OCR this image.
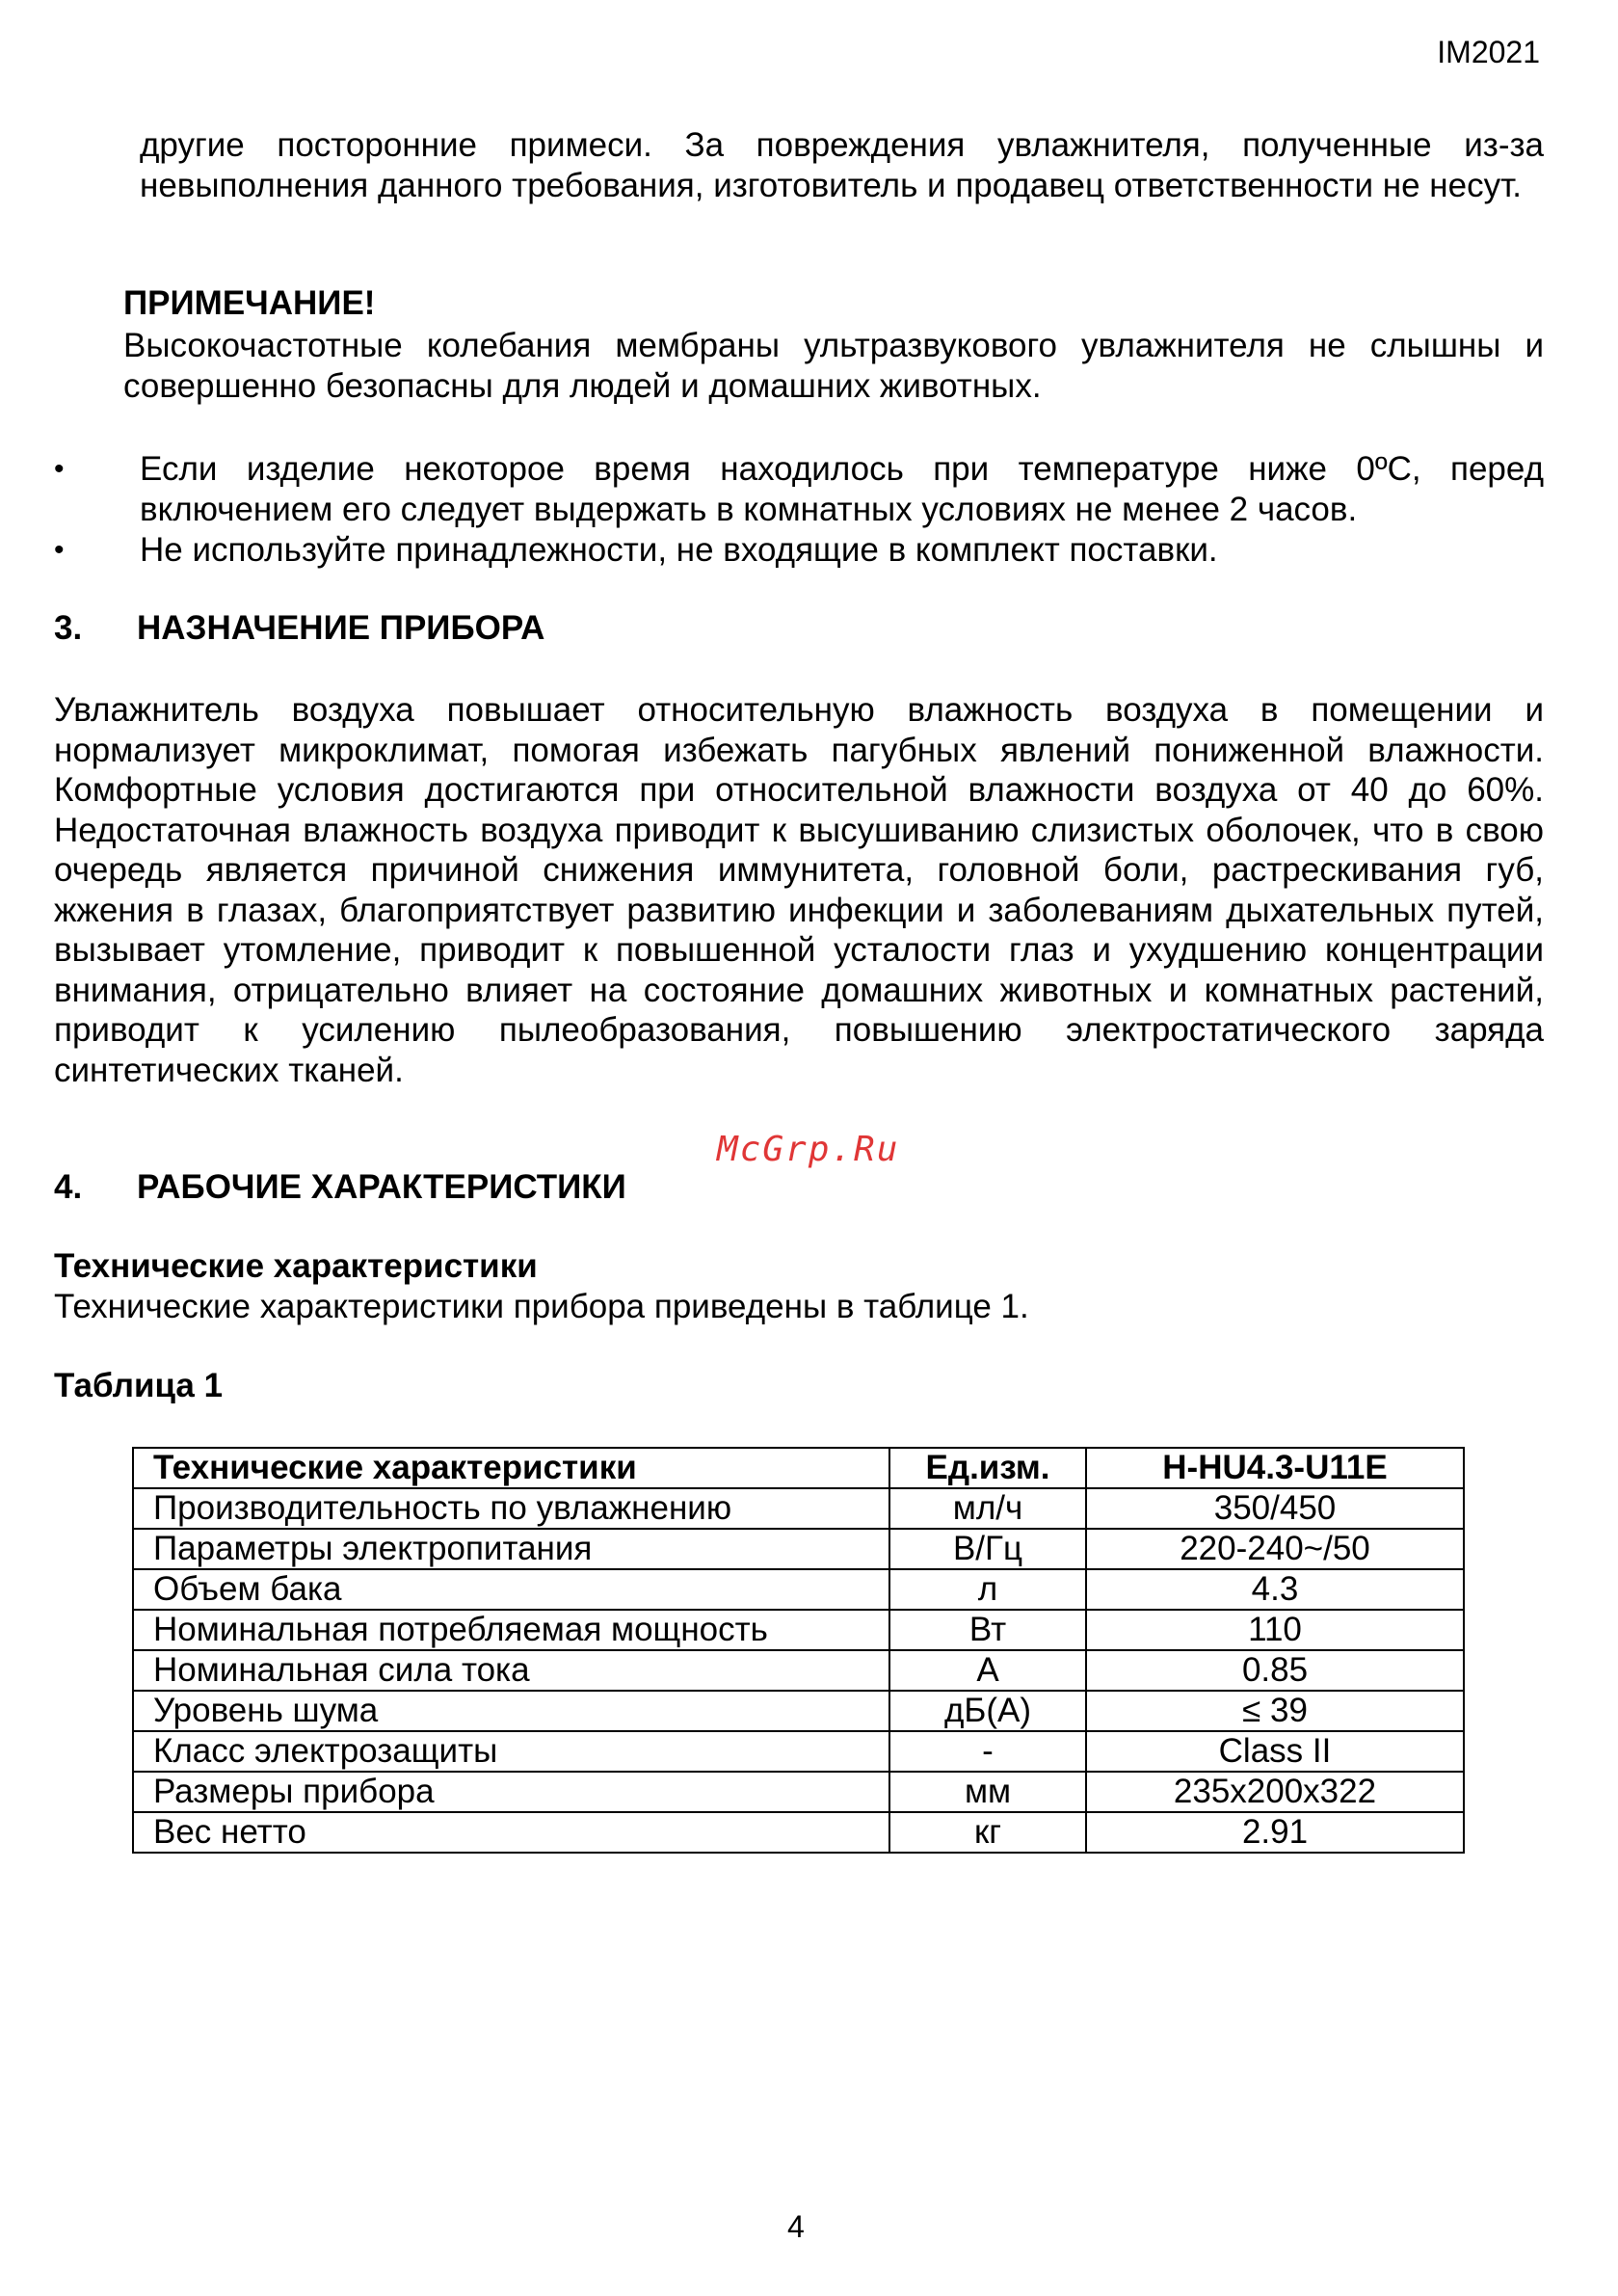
IM2021
другие посторонние примеси. За повреждения увлажнителя, полученные из-за невыполнения данного требования, изготовитель и продавец ответственности не несут.
ПРИМЕЧАНИЕ!
Высокочастотные колебания мембраны ультразвукового увлажнителя не слышны и совершенно безопасны для людей и домашних животных.
• Если изделие некоторое время находилось при температуре ниже 0ºС, перед включением его следует выдержать в комнатных условиях не менее 2 часов.
• Не используйте принадлежности, не входящие в комплект поставки.
3. НАЗНАЧЕНИЕ ПРИБОРА
Увлажнитель воздуха повышает относительную влажность воздуха в помещении и нормализует микроклимат, помогая избежать пагубных явлений пониженной влажности. Комфортные условия достигаются при относительной влажности воздуха от 40 до 60%. Недостаточная влажность воздуха приводит к высушиванию слизистых оболочек, что в свою очередь является причиной снижения иммунитета, головной боли, растрескивания губ, жжения в глазах, благоприятствует развитию инфекции и заболеваниям дыхательных путей, вызывает утомление, приводит к повышенной усталости глаз и ухудшению концентрации внимания, отрицательно влияет на состояние домашних животных и комнатных растений, приводит к усилению пылеобразования, повышению электростатического заряда синтетических тканей.
McGrp.Ru
4. РАБОЧИЕ ХАРАКТЕРИСТИКИ
Технические характеристики
Технические характеристики прибора приведены в таблице 1.
Таблица 1
Технические характеристики	Ед.изм.	H-HU4.3-U11E
Производительность по увлажнению	мл/ч	350/450
Параметры электропитания	В/Гц	220-240~/50
Объем бака	л	4.3
Номинальная потребляемая мощность	Вт	110
Номинальная сила тока	А	0.85
Уровень шума	дБ(А)	≤ 39
Класс электрозащиты	-	Class II
Размеры прибора	мм	235x200x322
Вес нетто	кг	2.91
4
